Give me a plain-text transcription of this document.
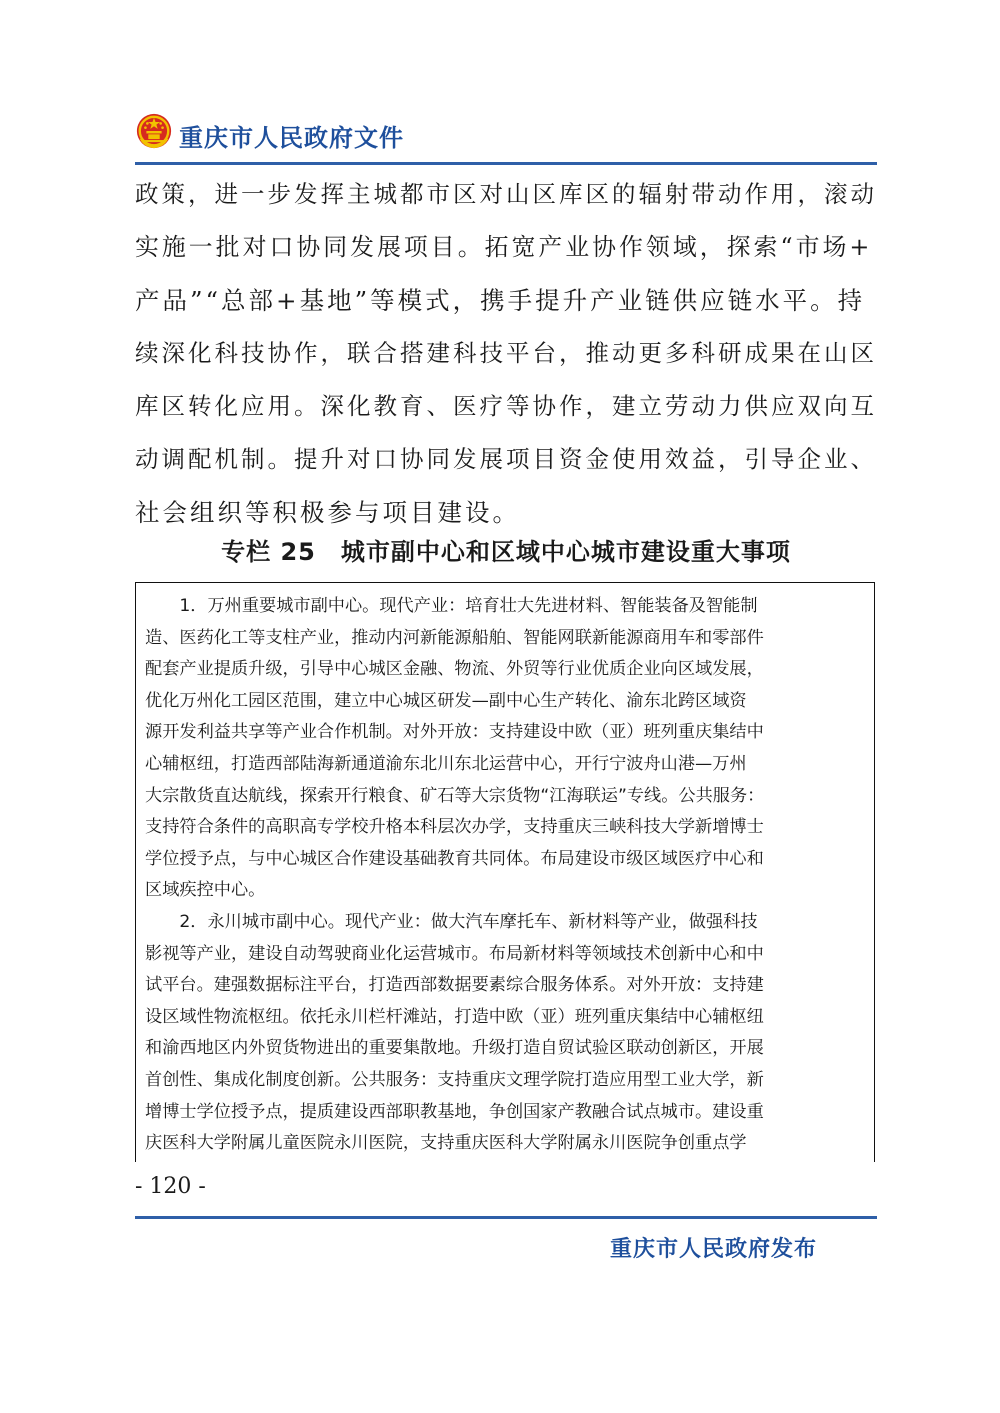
重庆市人民政府文件
政策，进一步发挥主城都市区对山区库区的辐射带动作用，滚动
实施一批对口协同发展项目。拓宽产业协作领域，探索“市场+
产品”“总部+基地”等模式，携手提升产业链供应链水平。持
续深化科技协作，联合搭建科技平台，推动更多科研成果在山区
库区转化应用。深化教育、医疗等协作，建立劳动力供应双向互
动调配机制。提升对口协同发展项目资金使用效益，引导企业、
社会组织等积极参与项目建设。
专栏 25　城市副中心和区域中心城市建设重大事项
　　1．万州重要城市副中心。现代产业：培育壮大先进材料、智能装备及智能制
造、医药化工等支柱产业，推动内河新能源船舶、智能网联新能源商用车和零部件
配套产业提质升级，引导中心城区金融、物流、外贸等行业优质企业向区域发展，
优化万州化工园区范围，建立中心城区研发—副中心生产转化、渝东北跨区域资
源开发利益共享等产业合作机制。对外开放：支持建设中欧（亚）班列重庆集结中
心辅枢纽，打造西部陆海新通道渝东北川东北运营中心，开行宁波舟山港—万州
大宗散货直达航线，探索开行粮食、矿石等大宗货物“江海联运”专线。公共服务：
支持符合条件的高职高专学校升格本科层次办学，支持重庆三峡科技大学新增博士
学位授予点，与中心城区合作建设基础教育共同体。布局建设市级区域医疗中心和
区域疾控中心。
　　2．永川城市副中心。现代产业：做大汽车摩托车、新材料等产业，做强科技
影视等产业，建设自动驾驶商业化运营城市。布局新材料等领域技术创新中心和中
试平台。建强数据标注平台，打造西部数据要素综合服务体系。对外开放：支持建
设区域性物流枢纽。依托永川栏杆滩站，打造中欧（亚）班列重庆集结中心辅枢纽
和渝西地区内外贸货物进出的重要集散地。升级打造自贸试验区联动创新区，开展
首创性、集成化制度创新。公共服务：支持重庆文理学院打造应用型工业大学，新
增博士学位授予点，提质建设西部职教基地，争创国家产教融合试点城市。建设重
庆医科大学附属儿童医院永川医院，支持重庆医科大学附属永川医院争创重点学
- 120 -
重庆市人民政府发布
